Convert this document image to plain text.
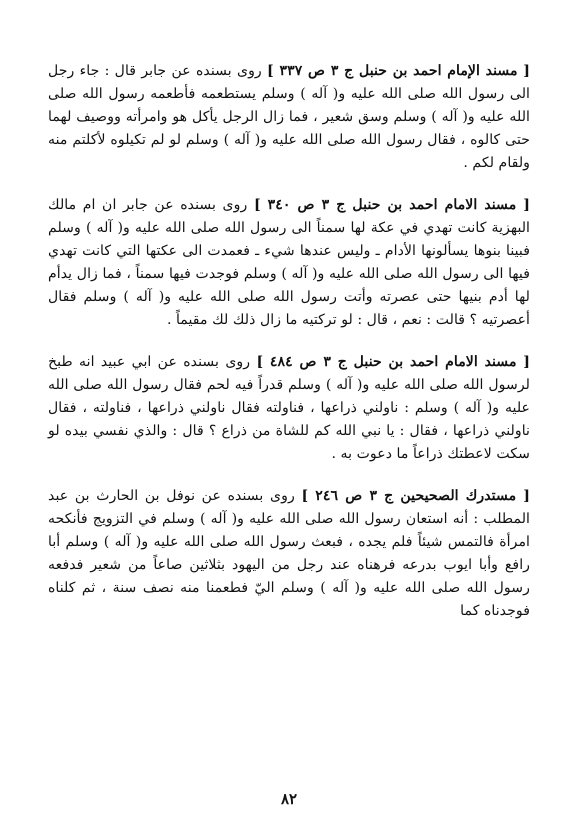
[ مسند الإمام احمد بن حنبل ج ٣ ص ٣٣٧ ] روى بسنده عن جابر قال : جاء رجل الى رسول الله صلى الله عليه و( آله ) وسلم يستطعمه فأطعمه رسول الله صلى الله عليه و( آله ) وسلم وسق شعير ، فما زال الرجل يأكل هو وامرأته ووصيف لهما حتى كالوه ، فقال رسول الله صلى الله عليه و( آله ) وسلم لو لم تكيلوه لأكلتم منه ولقام لكم .

[ مسند الامام احمد بن حنبل ج ٣ ص ٣٤٠ ] روى بسنده عن جابر ان ام مالك البهزية كانت تهدي في عكة لها سمناً الى رسول الله صلى الله عليه و( آله ) وسلم فبينا بنوها يسألونها الأدام ـ وليس عندها شيء ـ فعمدت الى عكتها التي كانت تهدي فيها الى رسول الله صلى الله عليه و( آله ) وسلم فوجدت فيها سمناً ، فما زال يدأم لها أدم بنيها حتى عصرته وأتت رسول الله صلى الله عليه و( آله ) وسلم فقال أعصرتيه ؟ قالت : نعم ، قال : لو تركتيه ما زال ذلك لك مقيماً .

[ مسند الامام احمد بن حنبل ج ٣ ص ٤٨٤ ] روى بسنده عن ابي عبيد انه طبخ لرسول الله صلى الله عليه و( آله ) وسلم قدراً فيه لحم فقال رسول الله صلى الله عليه و( آله ) وسلم : ناولني ذراعها ، فناولته فقال ناولني ذراعها ، فناولته ، فقال ناولني ذراعها ، فقال : يا نبي الله كم للشاة من ذراع ؟ قال : والذي نفسي بيده لو سكت لاعطتك ذراعاً ما دعوت به .

[ مستدرك الصحيحين ج ٣ ص ٢٤٦ ] روى بسنده عن نوفل بن الحارث بن عبد المطلب : أنه استعان رسول الله صلى الله عليه و( آله ) وسلم في التزويج فأنكحه امرأة فالتمس شيئاً فلم يجده ، فبعث رسول الله صلى الله عليه و( آله ) وسلم أبا رافع وأبا ايوب بدرعه فرهناه عند رجل من اليهود بثلاثين صاعاً من شعير فدفعه رسول الله صلى الله عليه و( آله ) وسلم اليّ فطعمنا منه نصف سنة ، ثم كلناه فوجدناه كما

٨٢
